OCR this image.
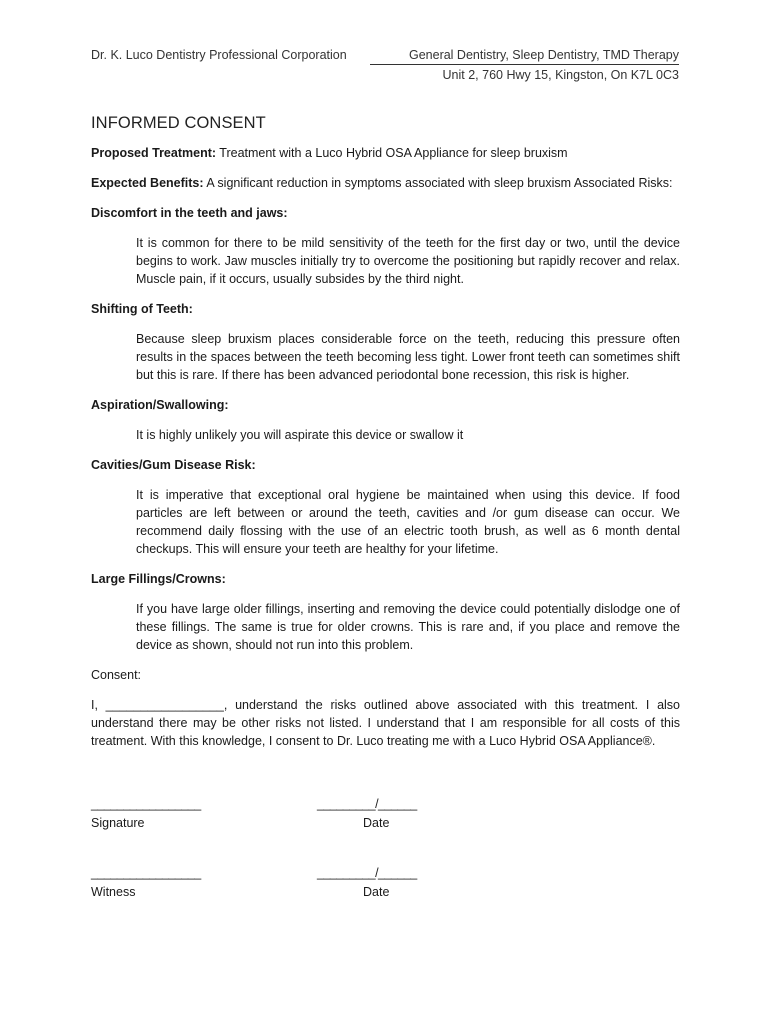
Dr. K. Luco Dentistry Professional Corporation	General Dentistry, Sleep Dentistry, TMD Therapy
Unit 2, 760 Hwy 15, Kingston, On K7L 0C3
INFORMED CONSENT

Proposed Treatment: Treatment with a Luco Hybrid OSA Appliance for sleep bruxism

Expected Benefits: A significant reduction in symptoms associated with sleep bruxism Associated Risks:

Discomfort in the teeth and jaws:

It is common for there to be mild sensitivity of the teeth for the first day or two, until the device begins to work. Jaw muscles initially try to overcome the positioning but rapidly recover and relax. Muscle pain, if it occurs, usually subsides by the third night.

Shifting of Teeth:

Because sleep bruxism places considerable force on the teeth, reducing this pressure often results in the spaces between the teeth becoming less tight. Lower front teeth can sometimes shift but this is rare. If there has been advanced periodontal bone recession, this risk is higher.

Aspiration/Swallowing:

It is highly unlikely you will aspirate this device or swallow it

Cavities/Gum Disease Risk:

It is imperative that exceptional oral hygiene be maintained when using this device. If food particles are left between or around the teeth, cavities and /or gum disease can occur. We recommend daily flossing with the use of an electric tooth brush, as well as 6 month dental checkups. This will ensure your teeth are healthy for your lifetime.

Large Fillings/Crowns:

If you have large older fillings, inserting and removing the device could potentially dislodge one of these fillings. The same is true for older crowns. This is rare and, if you place and remove the device as shown, should not run into this problem.

Consent:

I, _________________, understand the risks outlined above associated with this treatment. I also understand there may be other risks not listed. I understand that I am responsible for all costs of this treatment. With this knowledge, I consent to Dr. Luco treating me with a Luco Hybrid OSA Appliance®.

_________________
Signature
_________/______
Date
_________________
Witness
_________/______
Date
